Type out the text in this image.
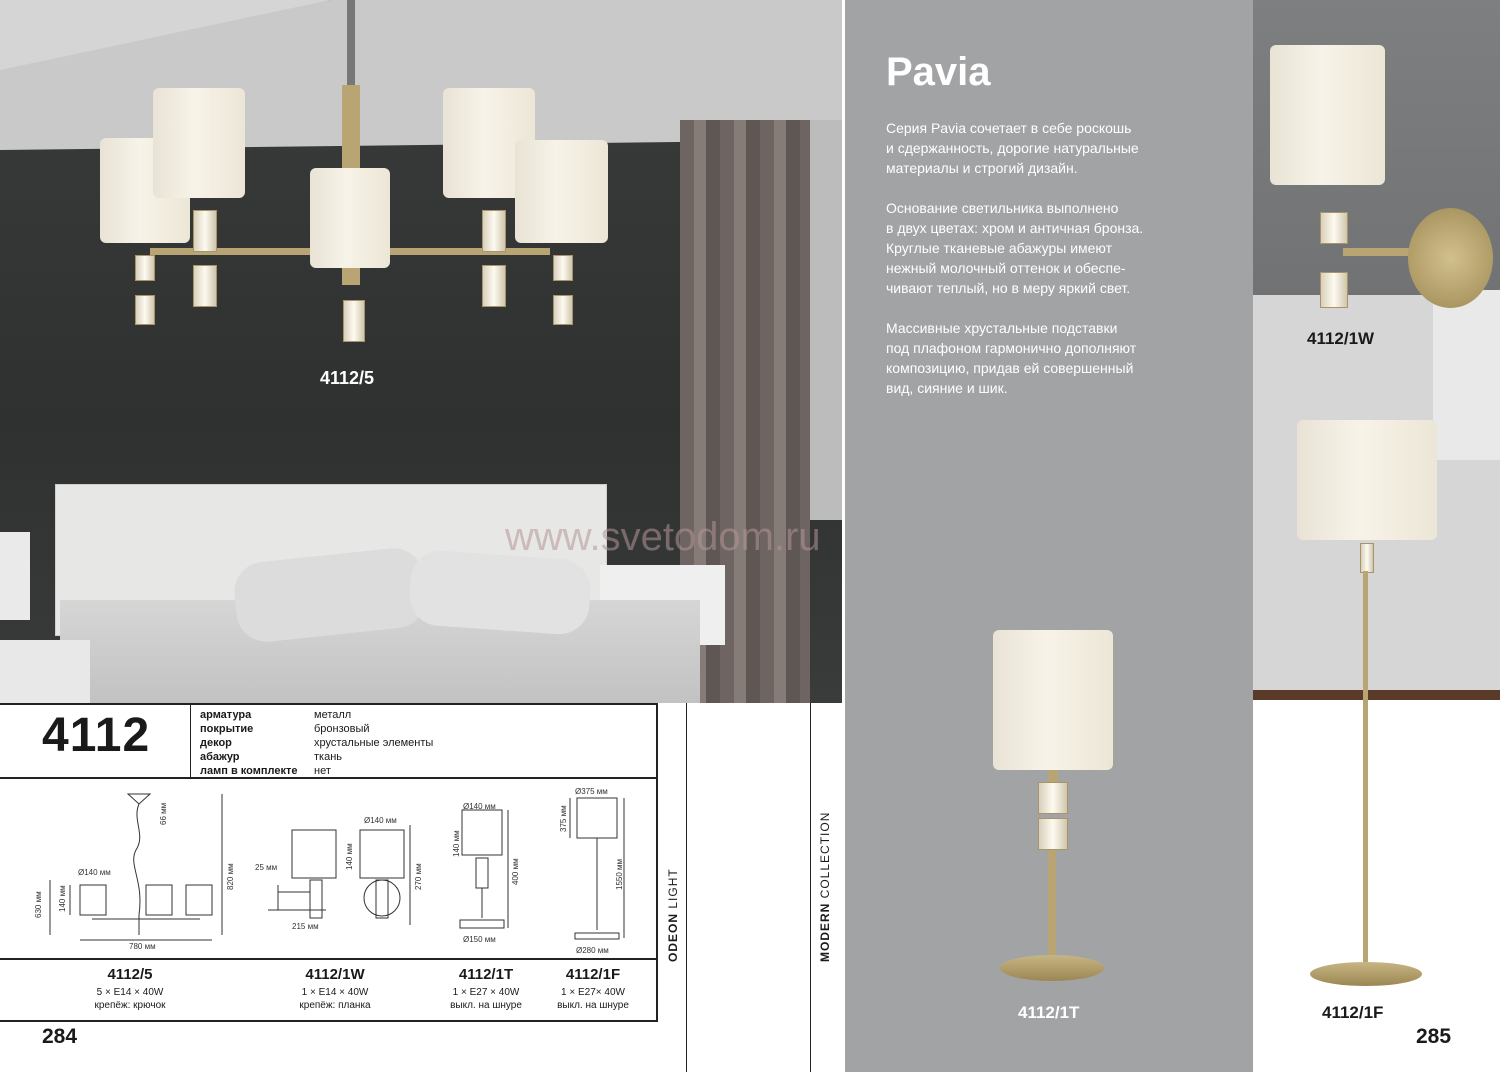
4112/5
www.svetodom.ru
4112	арматура	металл
покрытие	бронзовый
декор	хрустальные элементы
абажур	ткань
ламп в комплекте нет
66 мм
820 мм
Ø140 мм
630 мм 140 мм
780 мм
Ø140 мм
140 мм
270 мм
25 мм
215 мм
Ø140 мм
140 мм
400 мм
Ø150 мм
Ø375 мм
375 мм
1550 мм
Ø280 мм
4112/5
5 × E14 × 40W
крепёж: крючок
4112/1W
1 × E14 × 40W
крепёж: планка
4112/1T
1 × E27 × 40W
выкл. на шнуре
4112/1F
1 × E27× 40W
выкл. на шнуре
284
ODEON LIGHT
MODERN COLLECTION
Pavia
Серия Pavia сочетает в себе роскошь
и сдержанность, дорогие натуральные
материалы и строгий дизайн.
Основание светильника выполнено
в двух цветах: хром и античная бронза.
Круглые тканевые абажуры имеют
нежный молочный оттенок и обеспе-
чивают теплый, но в меру яркий свет.
Массивные хрустальные подставки
под плафоном гармонично дополняют
композицию, придав ей совершенный
вид, сияние и шик.
4112/1T
4112/1W
4112/1F
285
